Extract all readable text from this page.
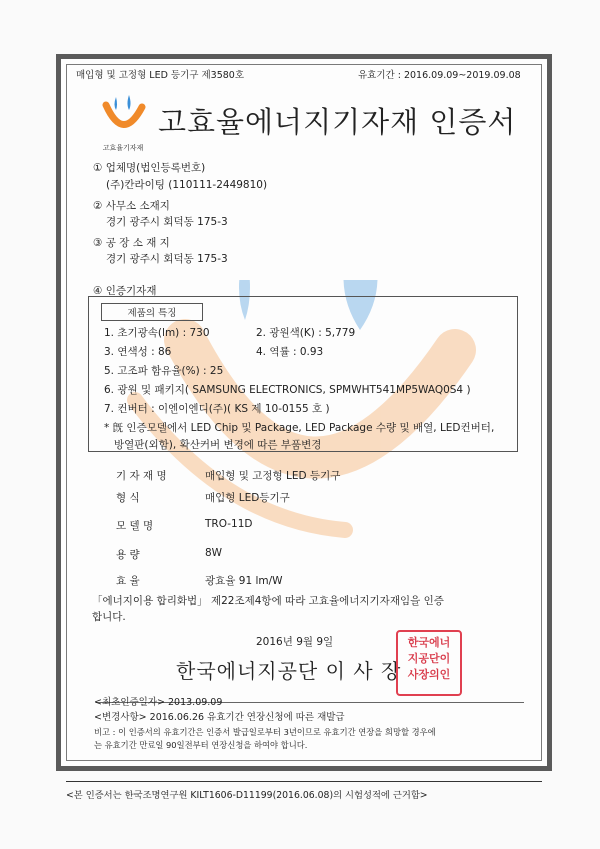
매입형 및 고정형 LED 등기구 제3580호	유효기간 : 2016.09.09~2019.09.08
고효율기자재
고효율에너지기자재 인증서
① 업체명(법인등록번호)
(주)칸라이팅 (110111-2449810)
② 사무소 소재지
경기 광주시 회덕동 175-3
③ 공 장 소 재 지
경기 광주시 회덕동 175-3
④ 인증기자재
제품의 특징
1. 초기광속(lm) : 730	2. 광원색(K) : 5,779
3. 연색성 : 86	4. 역률 : 0.93
5. 고조파 함유율(%) : 25
6. 광원 및 패키지( SAMSUNG ELECTRONICS, SPMWHT541MP5WAQ0S4 )
7. 컨버터 : 이엔이엔디(주)( KS 제 10-0155 호 )
* 旣 인증모델에서 LED Chip 및 Package, LED Package 수량 및 배열, LED컨버터,
방열판(외함), 확산커버 변경에 따른 부품변경
기 자 재 명	매입형 및 고정형 LED 등기구
형 식	매입형 LED등기구
모 델 명	TRO-11D
용 량	8W
효 율	광효율 91 lm/W
「에너지이용 합리화법」 제22조제4항에 따라 고효율에너지기자재임을 인증
합니다.
2016년 9월 9일
한국에너지공단 이 사 장
한국에너
지공단이
사장의인
<최초인증일자> 2013.09.09
<변경사항> 2016.06.26 유효기간 연장신청에 따른 재발급
비고 : 이 인증서의 유효기간은 인증서 발급일로부터 3년이므로 유효기간 연장을 희망할 경우에
는 유효기간 만료일 90일전부터 연장신청을 하여야 합니다.
<본 인증서는 한국조명연구원 KILT1606-D11199(2016.06.08)의 시험성적에 근거함>
